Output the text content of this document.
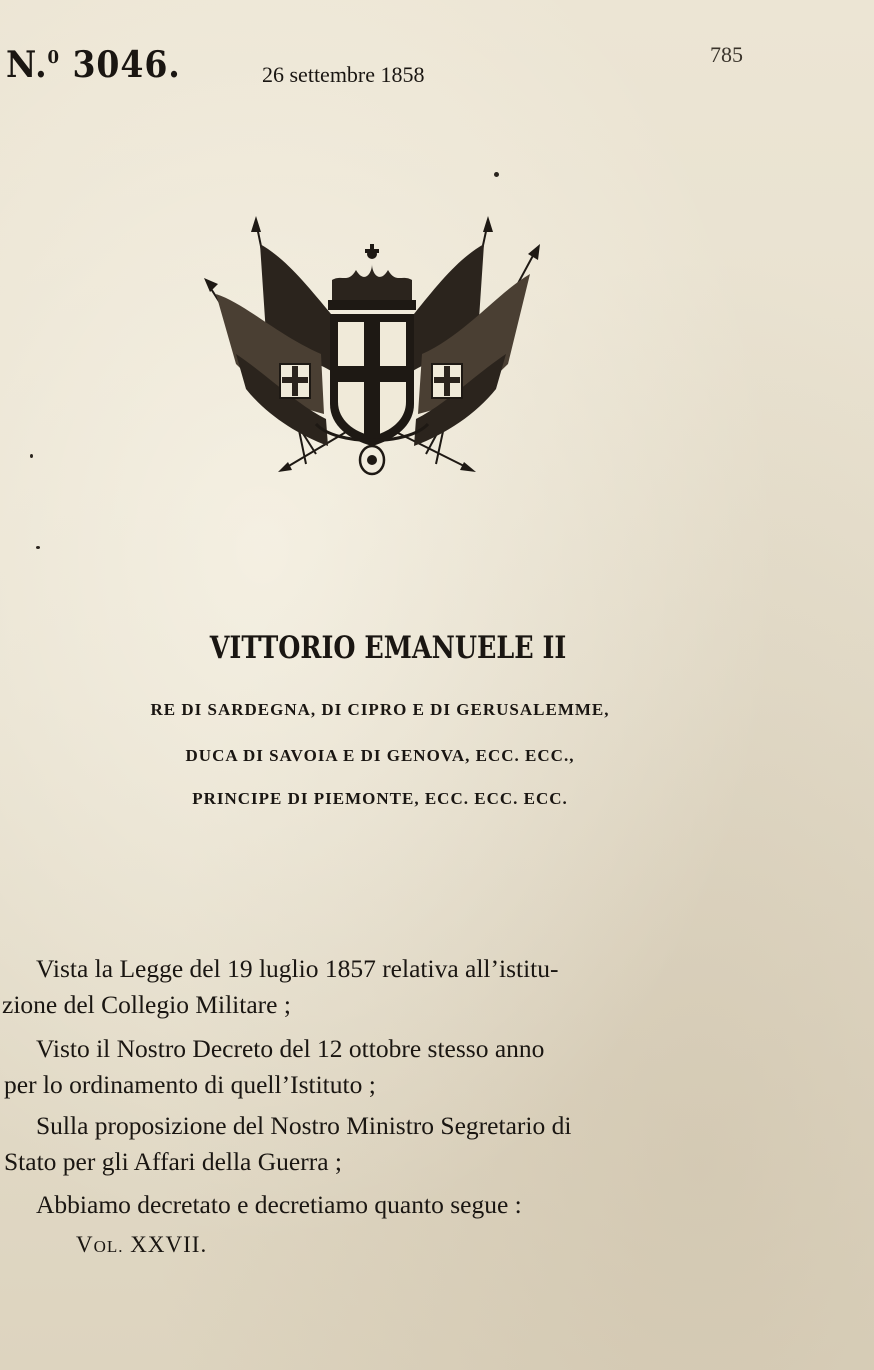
N.$^0$ 3046.	26 settembre 1858
785
VITTORIO EMANUELE II
RE DI SARDEGNA, DI CIPRO E DI GERUSALEMME,
DUCA DI SAVOIA E DI GENOVA, ECC. ECC.,
PRINCIPE DI PIEMONTE, ECC. ECC. ECC.
Vista la Legge del 19 luglio 1857 relativa all’istitu-
zione del Collegio Militare ;
Visto il Nostro Decreto del 12 ottobre stesso anno
per lo ordinamento di quell’Istituto ;
Sulla proposizione del Nostro Ministro Segretario di
Stato per gli Affari della Guerra ;
Abbiamo decretato e decretiamo quanto segue :
VOL. XXVII.
